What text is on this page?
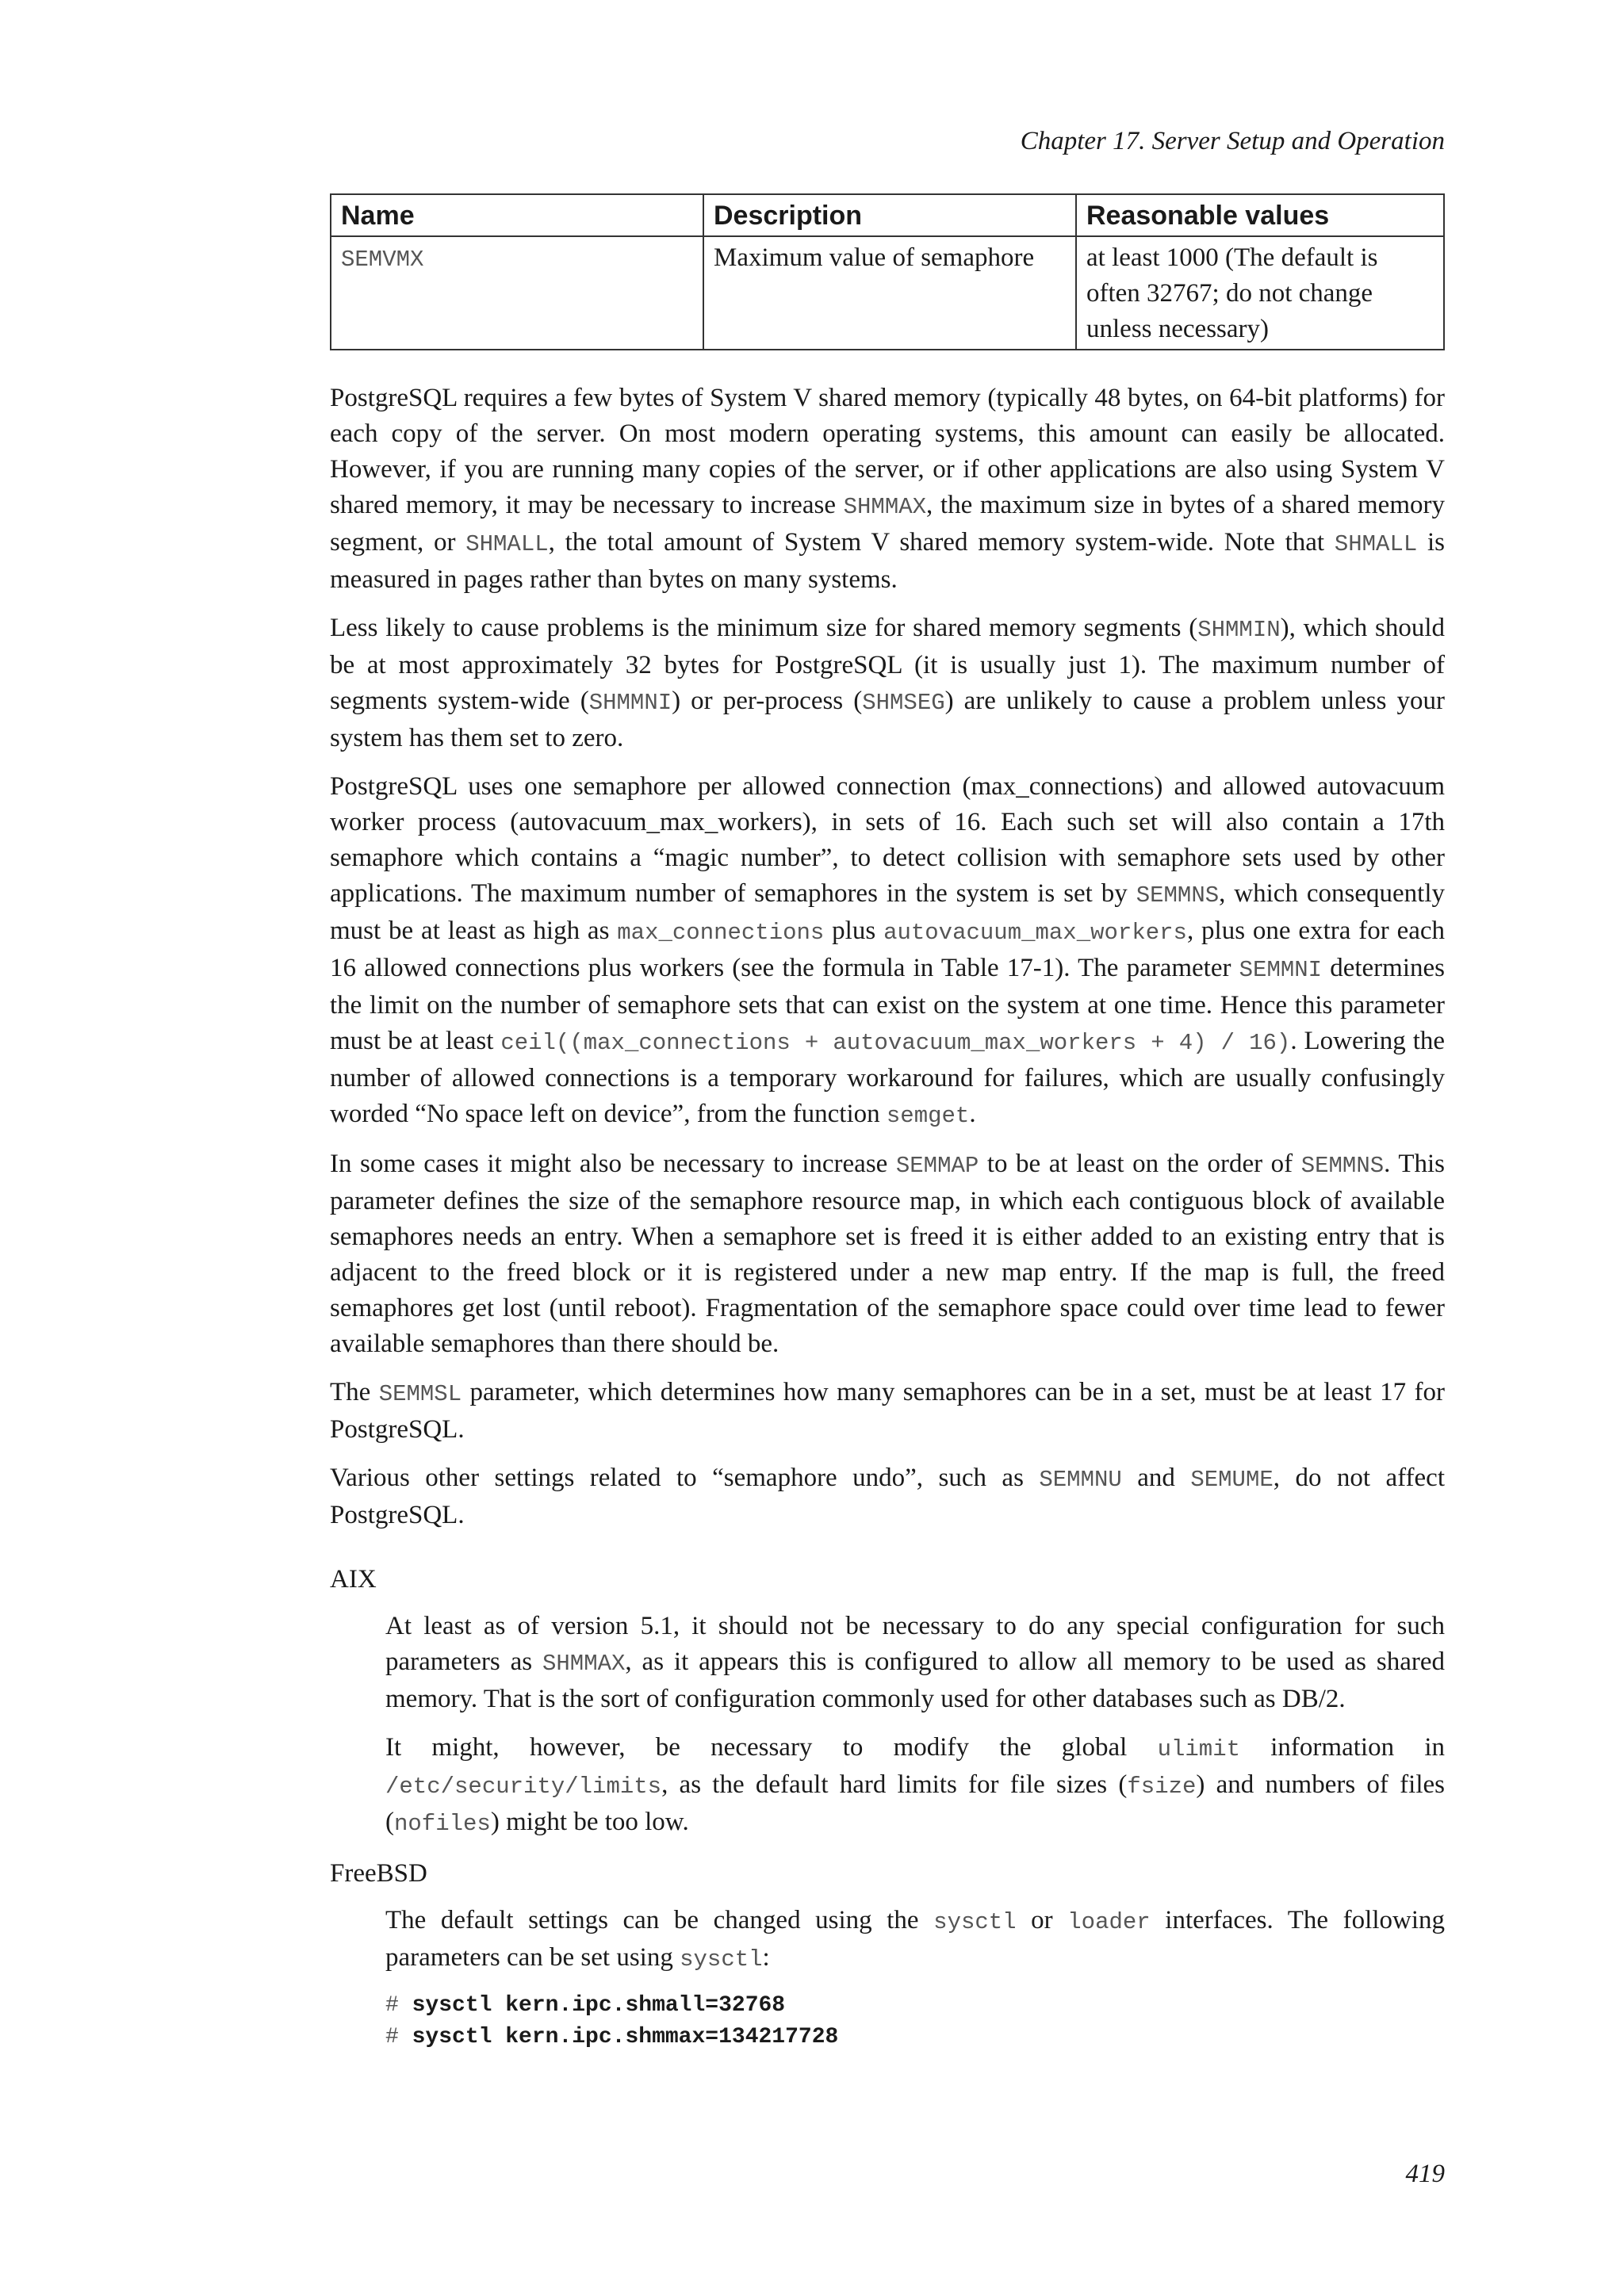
Chapter 17. Server Setup and Operation
Name	Description	Reasonable values
SEMVMX	Maximum value of semaphore	at least 1000 (The default is often 32767; do not change unless necessary)

PostgreSQL requires a few bytes of System V shared memory (typically 48 bytes, on 64-bit platforms) for each copy of the server. On most modern operating systems, this amount can easily be allocated. However, if you are running many copies of the server, or if other applications are also using System V shared memory, it may be necessary to increase SHMMAX, the maximum size in bytes of a shared memory segment, or SHMALL, the total amount of System V shared memory system-wide. Note that SHMALL is measured in pages rather than bytes on many systems.

Less likely to cause problems is the minimum size for shared memory segments (SHMMIN), which should be at most approximately 32 bytes for PostgreSQL (it is usually just 1). The maximum number of segments system-wide (SHMMNI) or per-process (SHMSEG) are unlikely to cause a problem unless your system has them set to zero.

PostgreSQL uses one semaphore per allowed connection (max_connections) and allowed autovacuum worker process (autovacuum_max_workers), in sets of 16. Each such set will also contain a 17th semaphore which contains a “magic number”, to detect collision with semaphore sets used by other applications. The maximum number of semaphores in the system is set by SEMMNS, which consequently must be at least as high as max_connections plus autovacuum_max_workers, plus one extra for each 16 allowed connections plus workers (see the formula in Table 17-1). The parameter SEMMNI determines the limit on the number of semaphore sets that can exist on the system at one time. Hence this parameter must be at least ceil((max_connections + autovacuum_max_workers + 4) / 16). Lowering the number of allowed connections is a temporary workaround for failures, which are usually confusingly worded “No space left on device”, from the function semget.

In some cases it might also be necessary to increase SEMMAP to be at least on the order of SEMMNS. This parameter defines the size of the semaphore resource map, in which each contiguous block of available semaphores needs an entry. When a semaphore set is freed it is either added to an existing entry that is adjacent to the freed block or it is registered under a new map entry. If the map is full, the freed semaphores get lost (until reboot). Fragmentation of the semaphore space could over time lead to fewer available semaphores than there should be.

The SEMMSL parameter, which determines how many semaphores can be in a set, must be at least 17 for PostgreSQL.

Various other settings related to “semaphore undo”, such as SEMMNU and SEMUME, do not affect PostgreSQL.

AIX

At least as of version 5.1, it should not be necessary to do any special configuration for such parameters as SHMMAX, as it appears this is configured to allow all memory to be used as shared memory. That is the sort of configuration commonly used for other databases such as DB/2.

It might, however, be necessary to modify the global ulimit information in /etc/security/limits, as the default hard limits for file sizes (fsize) and numbers of files (nofiles) might be too low.

FreeBSD

The default settings can be changed using the sysctl or loader interfaces. The following parameters can be set using sysctl:

# sysctl kern.ipc.shmall=32768
# sysctl kern.ipc.shmmax=134217728
419
